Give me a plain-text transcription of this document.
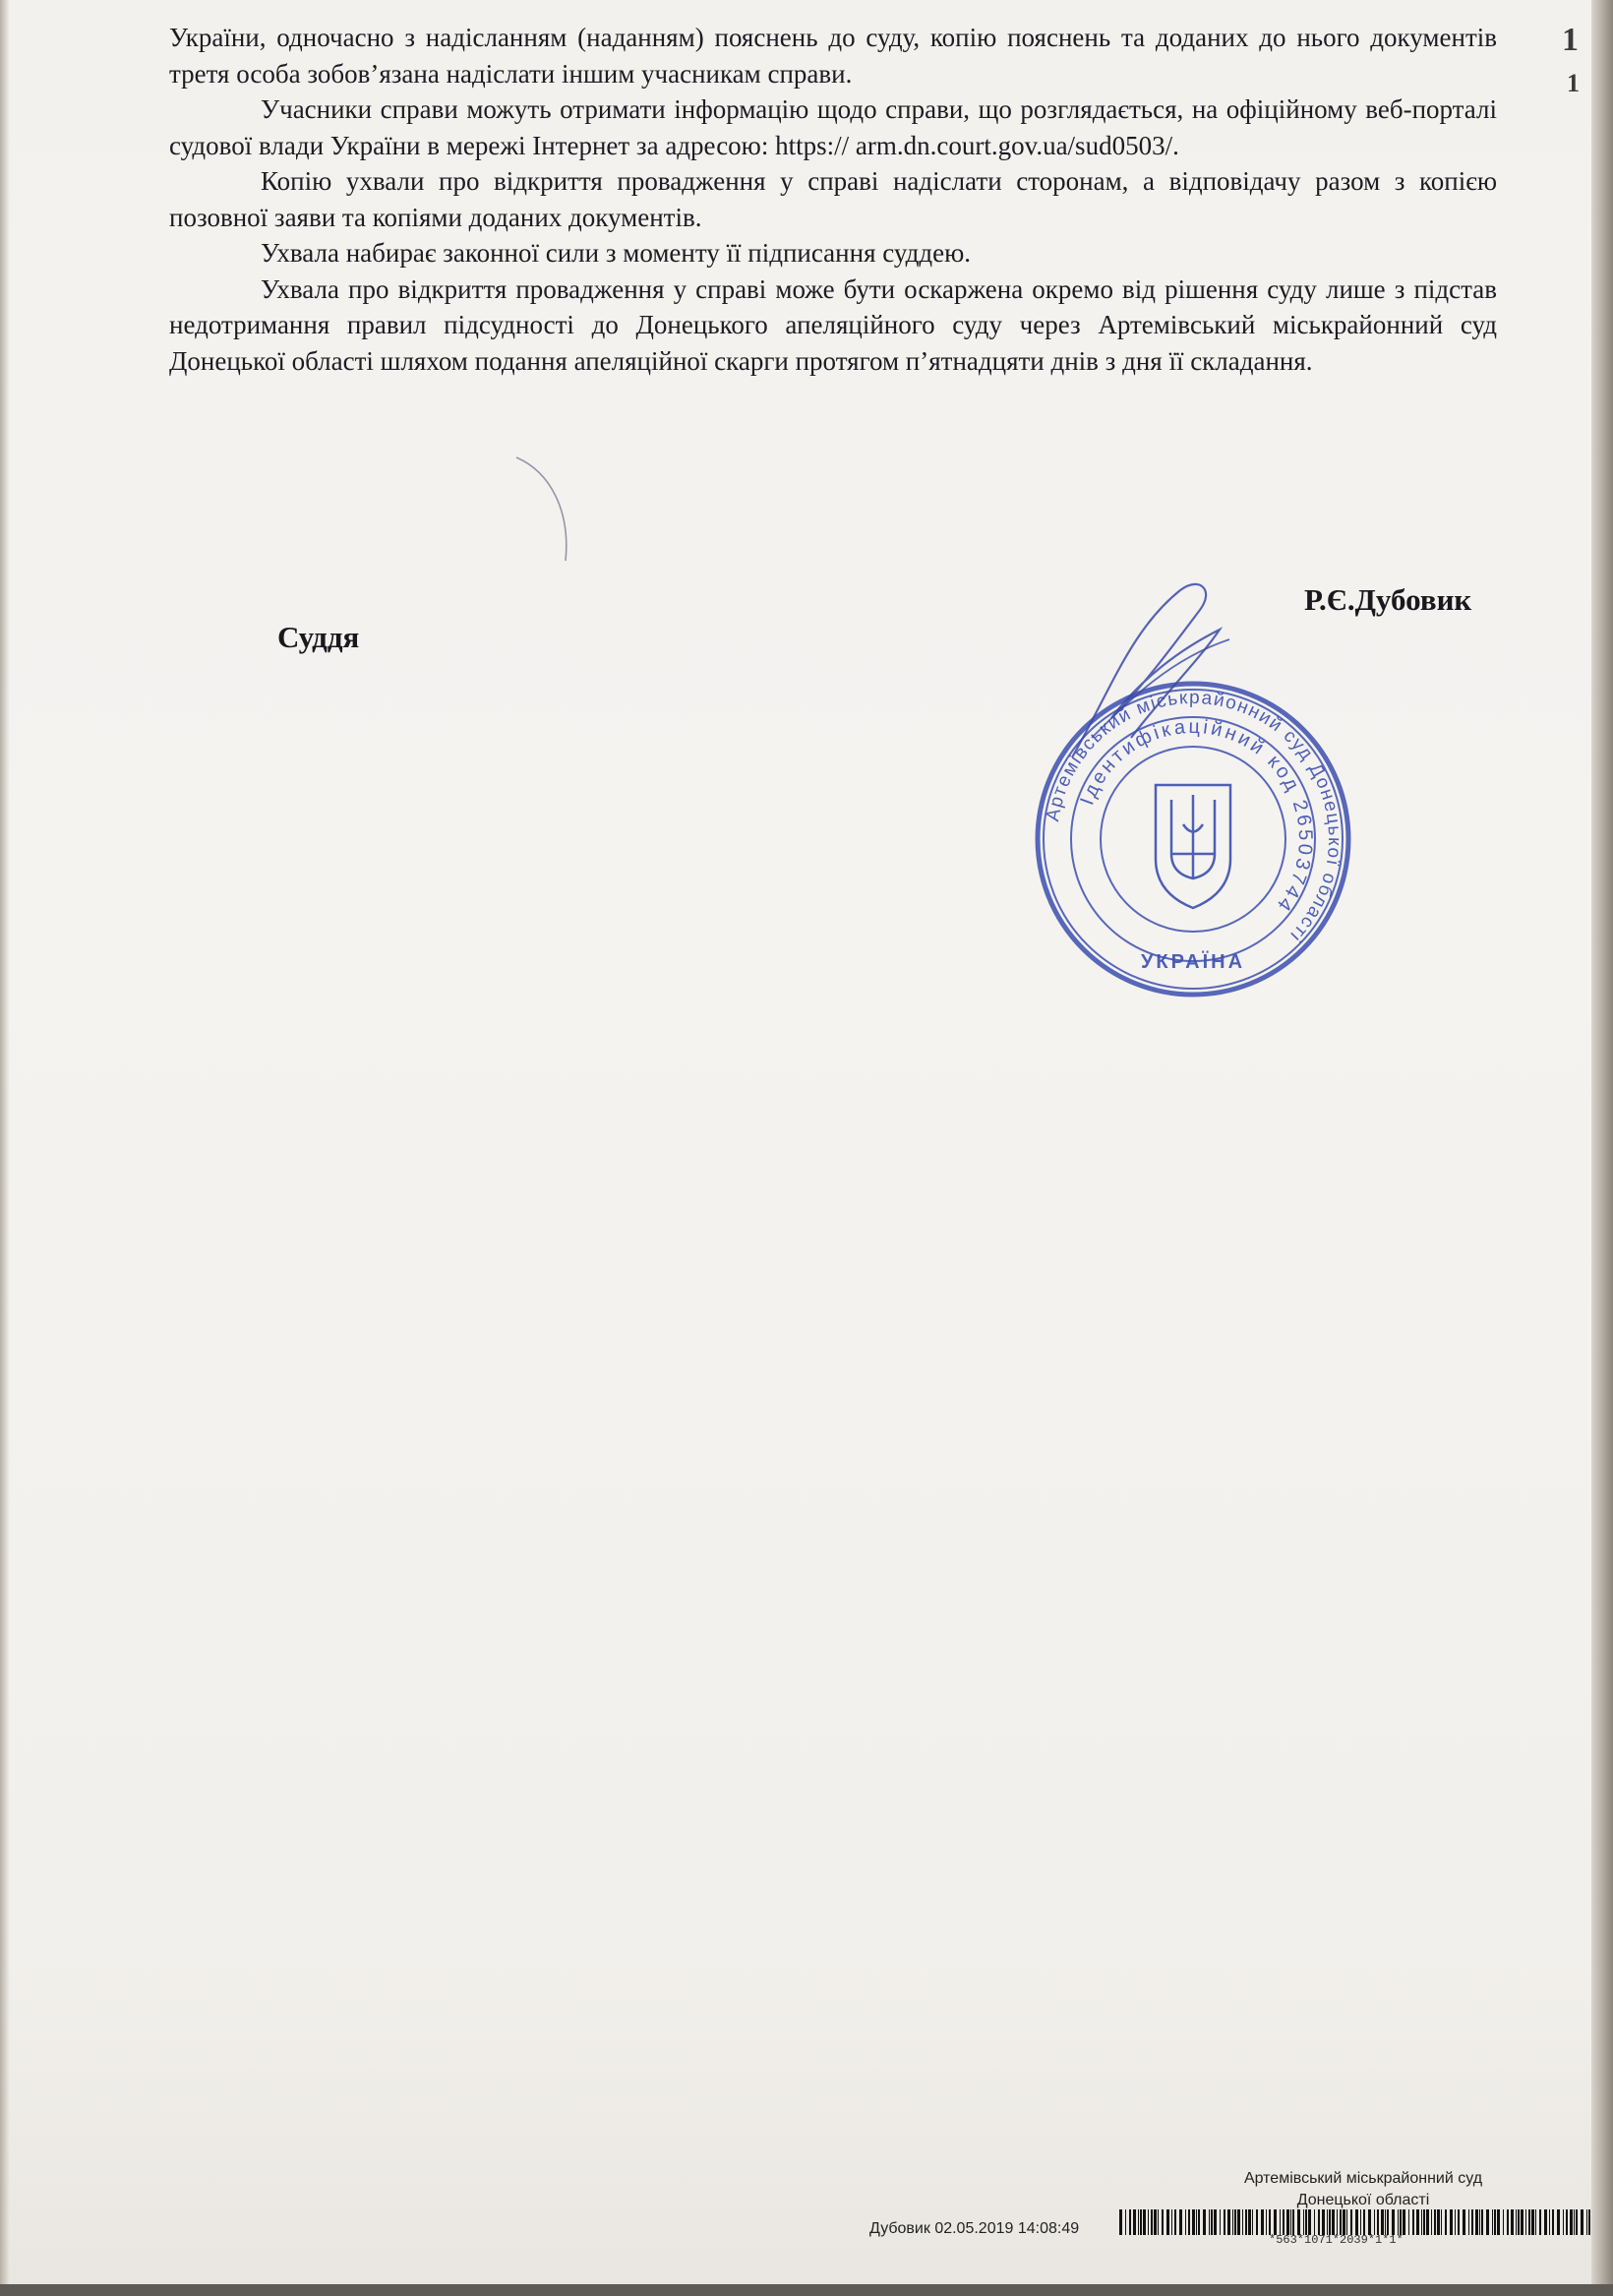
1
1

України, одночасно з надісланням (наданням) пояснень до суду, копію пояснень та доданих до нього документів третя особа зобов’язана надіслати іншим учасникам справи.

Учасники справи можуть отримати інформацію щодо справи, що розглядається, на офіційному веб-порталі судової влади України в мережі Інтернет за адресою: https:// arm.dn.court.gov.ua/sud0503/.

Копію ухвали про відкриття провадження у справі надіслати сторонам, а відповідачу разом з копією позовної заяви та копіями доданих документів.

Ухвала набирає законної сили з моменту її підписання суддею.

Ухвала про відкриття провадження у справі може бути оскаржена окремо від рішення суду лише з підстав недотримання правил підсудності до Донецького апеляційного суду через Артемівський міськрайонний суд Донецької області шляхом подання апеляційної скарги протягом п’ятнадцяти днів з дня її складання.

Суддя
Р.Є.Дубовик
Артемівський міськрайонний суд Донецької області
Ідентифікаційний код 26503744
УКРАЇНА
Артемівський міськрайонний суд
Донецької області
Дубовик 02.05.2019 14:08:49
*563*1071*2039*1*1*
